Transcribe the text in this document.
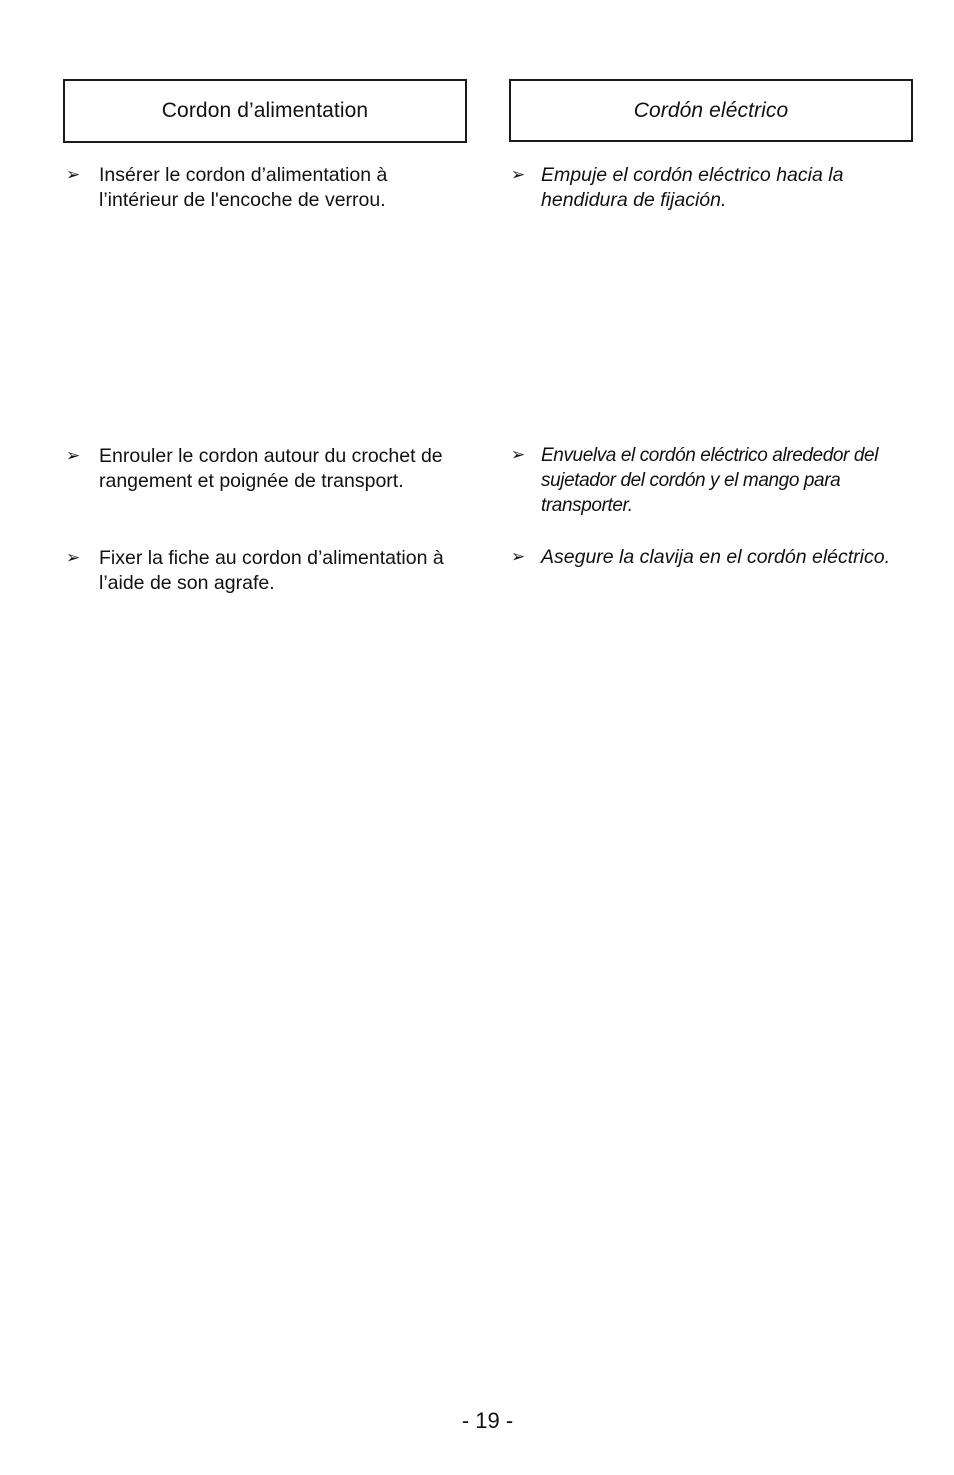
Cordon d’alimentation
➢ Insérer le cordon d’alimentation à l’intérieur de l'encoche de verrou.
➢ Enrouler le cordon autour du crochet de rangement et poignée de transport.
➢ Fixer la fiche au cordon d’alimentation à l’aide de son agrafe.
Cordón eléctrico
➢ Empuje el cordón eléctrico hacia la hendidura de fijación.
➢ Envuelva el cordón eléctrico alrededor del sujetador del cordón y el mango para transporter.
➢ Asegure la clavija en el cordón eléctrico.
- 19 -
